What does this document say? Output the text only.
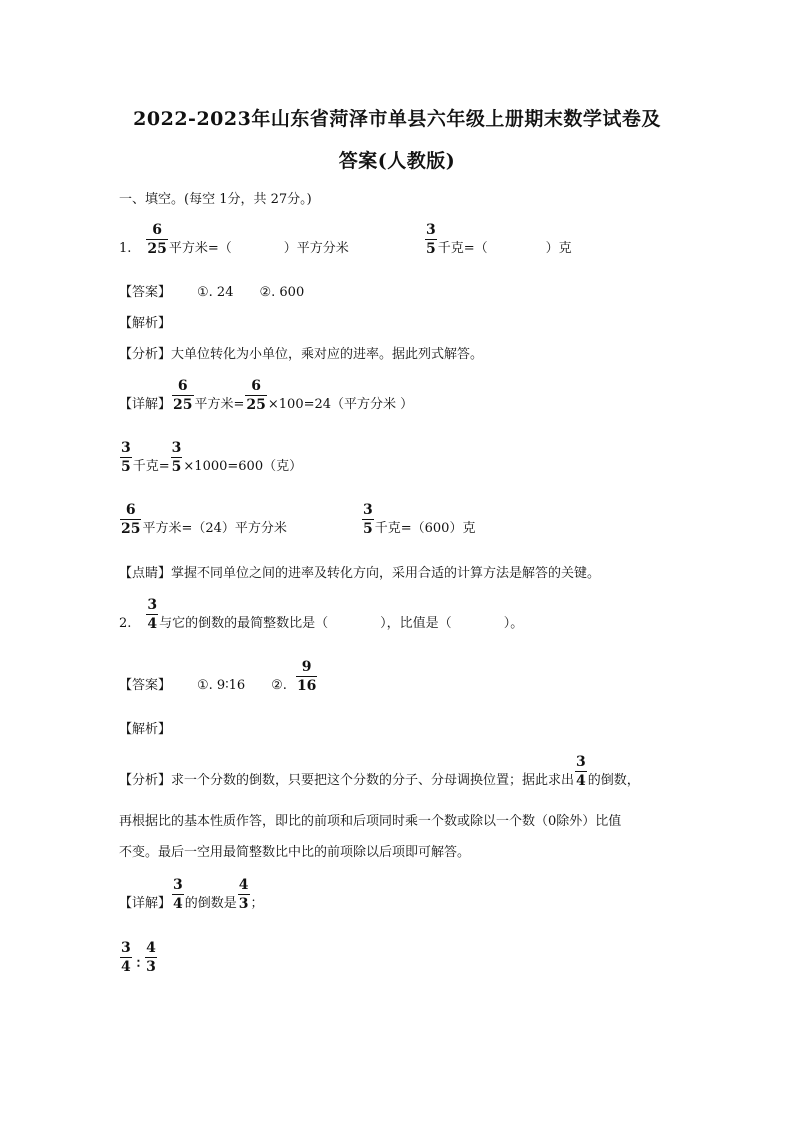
2022-2023年山东省菏泽市单县六年级上册期末数学试卷及
答案(人教版)
一、填空。(每空 1分，共 27分。)
1. $\frac{6}{25}$ 平方米=（	）平方分米	$\frac{3}{5}$ 千克=（	）克
【答案】 ①. 24 ②. 600
【解析】
【分析】大单位转化为小单位，乘对应的进率。据此列式解答。
【详解】 $\frac{6}{25}$ 平方米= $\frac{6}{25} \times 100=24$（平方分米 ）
$\frac{3}{5}$ 千克= $\frac{3}{5} \times 1000=600$（克）
$\frac{6}{25}$ 平方米=（24）平方分米	$\frac{3}{5}$ 千克=（600）克
【点睛】掌握不同单位之间的进率及转化方向，采用合适的计算方法是解答的关键。
2. $\frac{3}{4}$ 与它的倒数的最简整数比是（	），比值是（	）。
【答案】 ①. 9∶16 ②. $\frac{9}{16}$
【解析】
【分析】求一个分数的倒数，只要把这个分数的分子、分母调换位置；据此求出 $\frac{3}{4}$ 的倒数，
再根据比的基本性质作答，即比的前项和后项同时乘一个数或除以一个数（0除外）比值
不变。最后一空用最简整数比中比的前项除以后项即可解答。
【详解】 $\frac{3}{4}$ 的倒数是 $\frac{4}{3}$ ；
$\frac{3}{4}$ ∶ $\frac{4}{3}$
